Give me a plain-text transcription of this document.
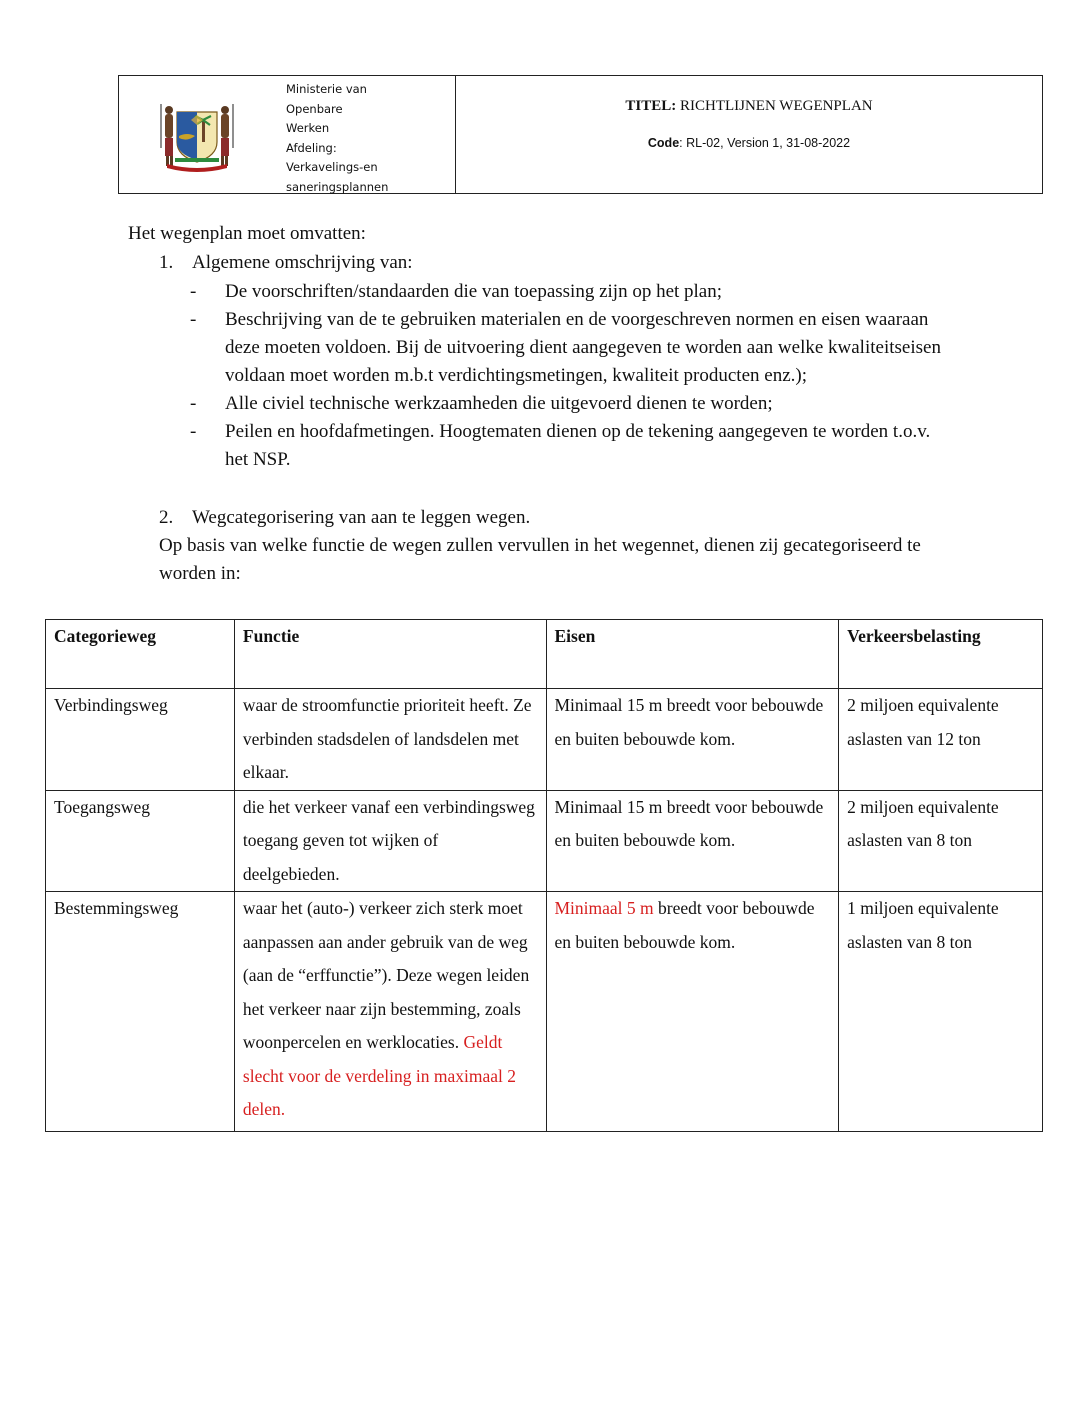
Ministerie van
Openbare
Werken
Afdeling:
Verkavelings-en
saneringsplannen
TITEL: RICHTLIJNEN WEGENPLAN
Code: RL-02, Version 1, 31-08-2022
Het wegenplan moet omvatten:
1. Algemene omschrijving van:
- De voorschriften/standaarden die van toepassing zijn op het plan;
- Beschrijving van de te gebruiken materialen en de voorgeschreven normen en eisen waaraan
deze moeten voldoen. Bij de uitvoering dient aangegeven te worden aan welke kwaliteitseisen
voldaan moet worden m.b.t verdichtingsmetingen, kwaliteit producten enz.);
- Alle civiel technische werkzaamheden die uitgevoerd dienen te worden;
- Peilen en hoofdafmetingen. Hoogtematen dienen op de tekening aangegeven te worden t.o.v.
het NSP.
2. Wegcategorisering van aan te leggen wegen.
Op basis van welke functie de wegen zullen vervullen in het wegennet, dienen zij gecategoriseerd te
worden in:
Categorieweg	Functie	Eisen	Verkeersbelasting
Verbindingsweg	waar de stroomfunctie prioriteit heeft. Ze verbinden stadsdelen of landsdelen met elkaar.	Minimaal 15 m breedt voor bebouwde en buiten bebouwde kom.	2 miljoen equivalente aslasten van 12 ton
Toegangsweg	die het verkeer vanaf een verbindingsweg toegang geven tot wijken of deelgebieden.	Minimaal 15 m breedt voor bebouwde en buiten bebouwde kom.	2 miljoen equivalente aslasten van 8 ton
Bestemmingsweg	waar het (auto-) verkeer zich sterk moet aanpassen aan ander gebruik van de weg (aan de “erffunctie”). Deze wegen leiden het verkeer naar zijn bestemming, zoals woonpercelen en werklocaties. Geldt slecht voor de verdeling in maximaal 2 delen.	Minimaal 5 m breedt voor bebouwde en buiten bebouwde kom.	1 miljoen equivalente aslasten van 8 ton
